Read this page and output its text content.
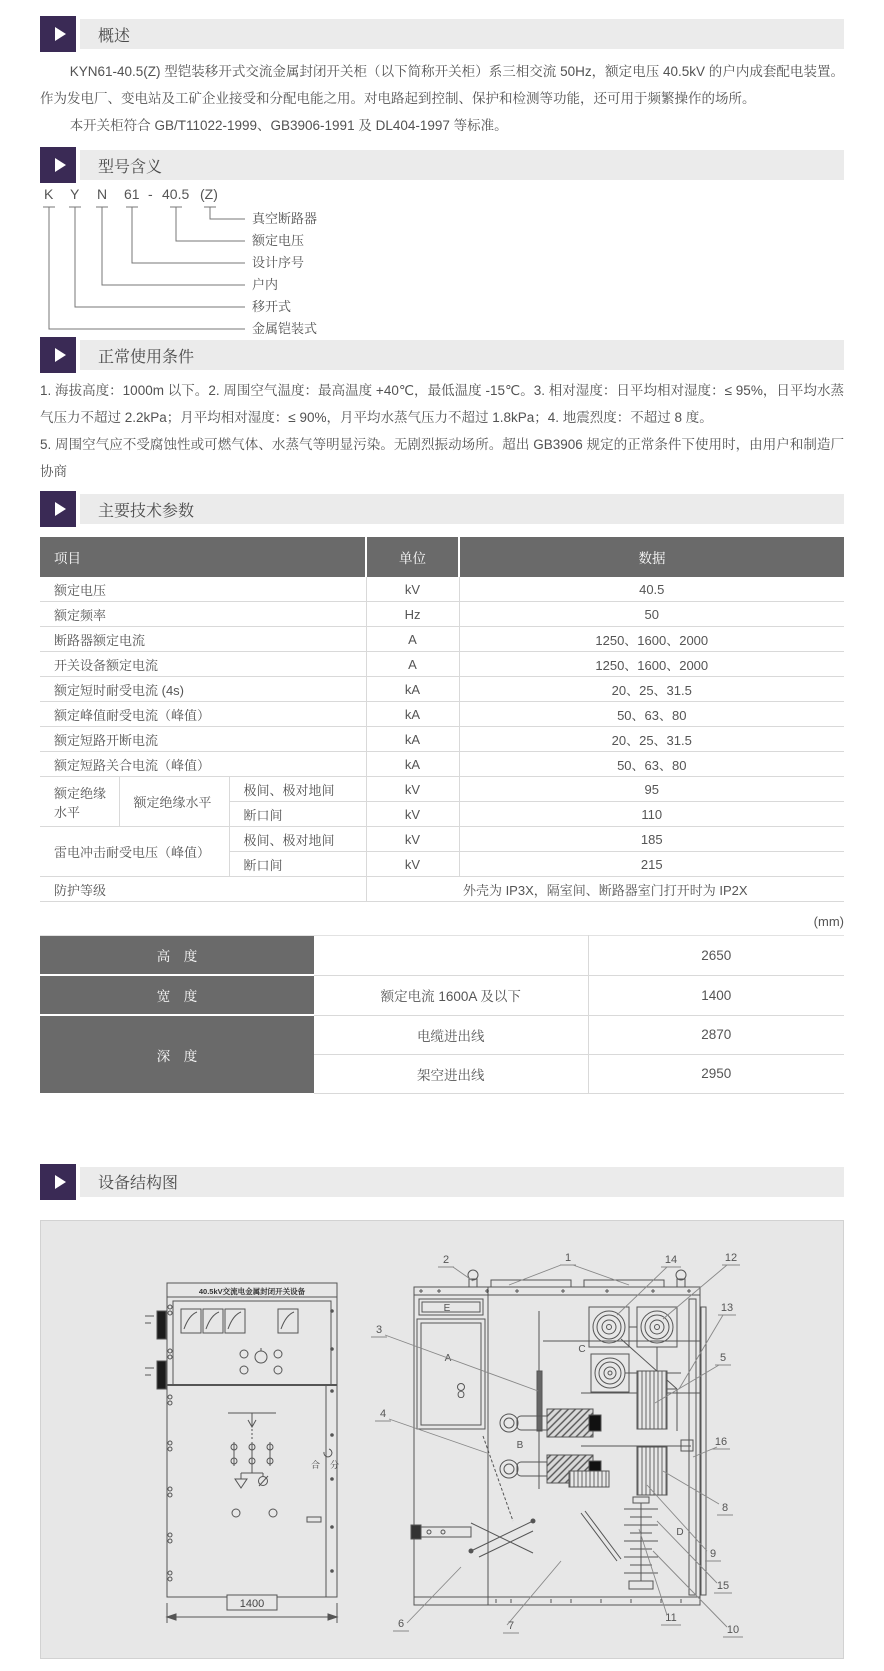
概述

KYN61-40.5(Z) 型铠装移开式交流金属封闭开关柜（以下简称开关柜）系三相交流 50Hz，额定电压 40.5kV 的户内成套配电装置。作为发电厂、变电站及工矿企业接受和分配电能之用。对电路起到控制、保护和检测等功能，还可用于频繁操作的场所。

本开关柜符合 GB/T11022-1999、GB3906-1991 及 DL404-1997 等标准。

型号含义
K Y N 61 - 40.5 (Z)
真空断路器
额定电压
设计序号
户内
移开式
金属铠装式
正常使用条件

1. 海拔高度：1000m 以下。2. 周围空气温度：最高温度 +40℃，最低温度 -15℃。3. 相对湿度：日平均相对湿度：≤ 95%，日平均水蒸气压力不超过 2.2kPa；月平均相对湿度：≤ 90%，月平均水蒸气压力不超过 1.8kPa；4. 地震烈度：不超过 8 度。

5. 周围空气应不受腐蚀性或可燃气体、水蒸气等明显污染。无剧烈振动场所。超出 GB3906 规定的正常条件下使用时，由用户和制造厂协商

主要技术参数
项目			单位	数据
额定电压			kV	40.5
额定频率			Hz	50
断路器额定电流			A	1250、1600、2000
开关设备额定电流			A	1250、1600、2000
额定短时耐受电流 (4s)			kA	20、25、31.5
额定峰值耐受电流（峰值）			kA	50、63、80
额定短路开断电流			kA	20、25、31.5
额定短路关合电流（峰值）			kA	50、63、80
额定绝缘水平	额定绝缘水平	极间、极对地间	kV	95
		断口间	kV	110
雷电冲击耐受电压（峰值）		极间、极对地间	kV	185
		断口间	kV	215
防护等级			外壳为 IP3X，隔室间、断路器室门打开时为 IP2X	

(mm)

高　度		2650
宽　度	额定电流 1600A 及以下	1400
深　度	电缆进出线	2870
	架空进出线	2950
设备结构图
40.5kV交流电金属封闭开关设备
合 分
1400
E
A
O
C
B
D
1
2
3
4
5
6	7
8
9
10
11
12
13
14
15
16
